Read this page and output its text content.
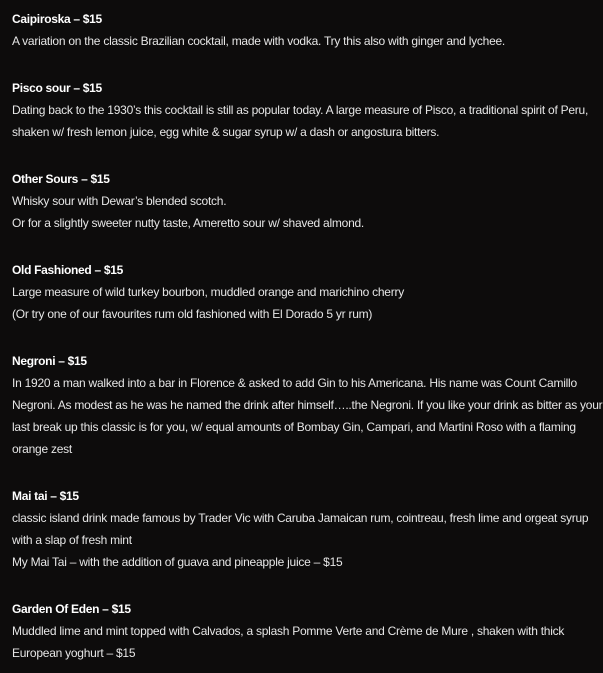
Caipiroska – $15
A variation on the classic Brazilian cocktail, made with vodka. Try this also with ginger and lychee.
Pisco sour – $15
Dating back to the 1930’s this cocktail is still as popular today. A large measure of Pisco, a traditional spirit of Peru,
shaken w/ fresh lemon juice, egg white & sugar syrup w/ a dash or angostura bitters.
Other Sours – $15
Whisky sour with Dewar’s blended scotch.
Or for a slightly sweeter nutty taste, Ameretto sour w/ shaved almond.
Old Fashioned – $15
Large measure of wild turkey bourbon, muddled orange and marichino cherry
(Or try one of our favourites rum old fashioned with El Dorado 5 yr rum)
Negroni – $15
In 1920 a man walked into a bar in Florence & asked to add Gin to his Americana. His name was Count Camillo
Negroni. As modest as he was he named the drink after himself…..the Negroni. If you like your drink as bitter as your
last break up this classic is for you, w/ equal amounts of Bombay Gin, Campari, and Martini Roso with a flaming
orange zest
Mai tai – $15
classic island drink made famous by Trader Vic with Caruba Jamaican rum, cointreau, fresh lime and orgeat syrup
with a slap of fresh mint
My Mai Tai – with the addition of guava and pineapple juice – $15
Garden Of Eden – $15
Muddled lime and mint topped with Calvados, a splash Pomme Verte and Crème de Mure , shaken with thick
European yoghurt – $15
